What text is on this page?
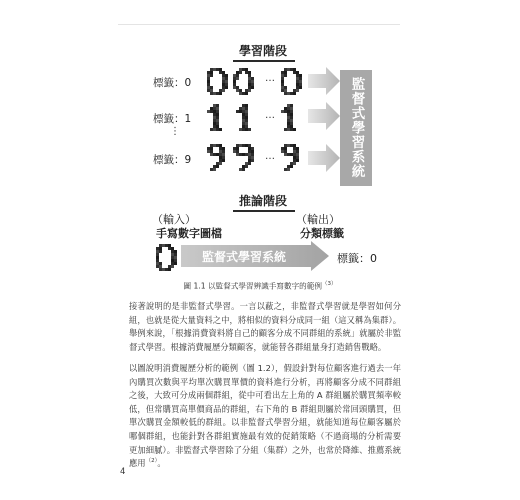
學習階段
標籤：0
標籤：1
⋮
標籤：9
…
…
…	監督式學習系統
推論階段
（輸入）
手寫數字圖檔
（輸出）
分類標籤
監督式學習系統	標籤：0
圖 1.1 以監督式學習辨識手寫數字的範例$^{(3)}$
接著說明的是非監督式學習。一言以蔽之，非監督式學習就是學習如何分組，也就是從大量資料之中，將相似的資料分成同一組（這又稱為集群）。舉例來說，「根據消費資料將自己的顧客分成不同群組的系統」就屬於非監督式學習。根據消費履歷分類顧客，就能替各群組量身打造銷售戰略。
以圖說明消費履歷分析的範例（圖 1.2），假設針對每位顧客進行過去一年內購買次數與平均單次購買單價的資料進行分析，再將顧客分成不同群組之後，大致可分成兩個群組，從中可看出左上角的 A 群組屬於購買頻率較低，但常購買高單價商品的群組，右下角的 B 群組則屬於常回頭購買，但單次購買金額較低的群組。以非監督式學習分組，就能知道每位顧客屬於哪個群組，也能針對各群組實施最有效的促銷策略（不過商場的分析需要更加細膩）。非監督式學習除了分組（集群）之外，也常於降維、推薦系統應用$^{(2)}$。
4
